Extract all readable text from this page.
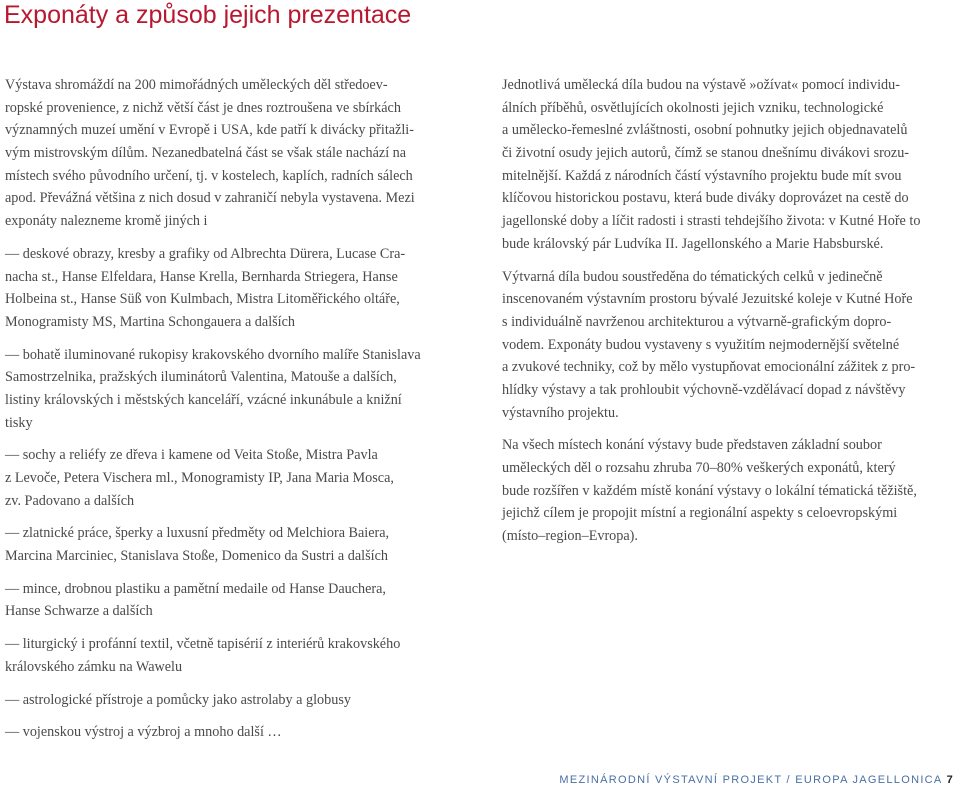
Exponáty a způsob jejich prezentace
Výstava shromáždí na 200 mimořádných uměleckých děl středoev-
ropské provenience, z nichž větší část je dnes roztroušena ve sbírkách
významných muzeí umění v Evropě i USA, kde patří k divácky přitažli-
vým mistrovským dílům. Nezanedbatelná část se však stále nachází na
místech svého původního určení, tj. v kostelech, kaplích, radních sálech
apod. Převážná většina z nich dosud v zahraničí nebyla vystavena. Mezi
exponáty nalezneme kromě jiných i
— deskové obrazy, kresby a grafiky od Albrechta Dürera, Lucase Cra-
nacha st., Hanse Elfeldara, Hanse Krella, Bernharda Striegera, Hanse
Holbeina st., Hanse Süß von Kulmbach, Mistra Litoměřického oltáře,
Monogramisty MS, Martina Schongauera a dalších
— bohatě iluminované rukopisy krakovského dvorního malíře Stanislava
Samostrzelnika, pražských iluminátorů Valentina, Matouše a dalších,
listiny královských i městských kanceláří, vzácné inkunábule a knižní
tisky
— sochy a reliéfy ze dřeva i kamene od Veita Stoße, Mistra Pavla
z Levoče, Petera Vischera ml., Monogramisty IP, Jana Maria Mosca,
zv. Padovano a dalších
— zlatnické práce, šperky a luxusní předměty od Melchiora Baiera,
Marcina Marciniec, Stanislava Stoße, Domenico da Sustri a dalších
— mince, drobnou plastiku a pamětní medaile od Hanse Dauchera,
Hanse Schwarze a dalších
— liturgický i profánní textil, včetně tapisérií z interiérů krakovského
královského zámku na Wawelu
— astrologické přístroje a pomůcky jako astrolaby a globusy
— vojenskou výstroj a výzbroj a mnoho další …
Jednotlivá umělecká díla budou na výstavě »ožívat« pomocí individu-
álních příběhů, osvětlujících okolnosti jejich vzniku, technologické
a umělecko-řemeslné zvláštnosti, osobní pohnutky jejich objednavatelů
či životní osudy jejich autorů, čímž se stanou dnešnímu divákovi srozu-
mitelnější. Každá z národních částí výstavního projektu bude mít svou
klíčovou historickou postavu, která bude diváky doprovázet na cestě do
jagellonské doby a líčit radosti i strasti tehdejšího života: v Kutné Hoře to
bude královský pár Ludvíka II. Jagellonského a Marie Habsburské.
Výtvarná díla budou soustředěna do tématických celků v jedinečně
inscenovaném výstavním prostoru bývalé Jezuitské koleje v Kutné Hoře
s individuálně navrženou architekturou a výtvarně-grafickým dopro-
vodem. Exponáty budou vystaveny s využitím nejmodernější světelné
a zvukové techniky, což by mělo vystupňovat emocionální zážitek z pro-
hlídky výstavy a tak prohloubit výchovně-vzdělávací dopad z návštěvy
výstavního projektu.
Na všech místech konání výstavy bude představen základní soubor
uměleckých děl o rozsahu zhruba 70–80% veškerých exponátů, který
bude rozšířen v každém místě konání výstavy o lokální tématická těžiště,
jejichž cílem je propojit místní a regionální aspekty s celoevropskými
(místo–region–Evropa).
MEZINÁRODNÍ VÝSTAVNÍ PROJEKT / EUROPA JAGELLONICA 7
